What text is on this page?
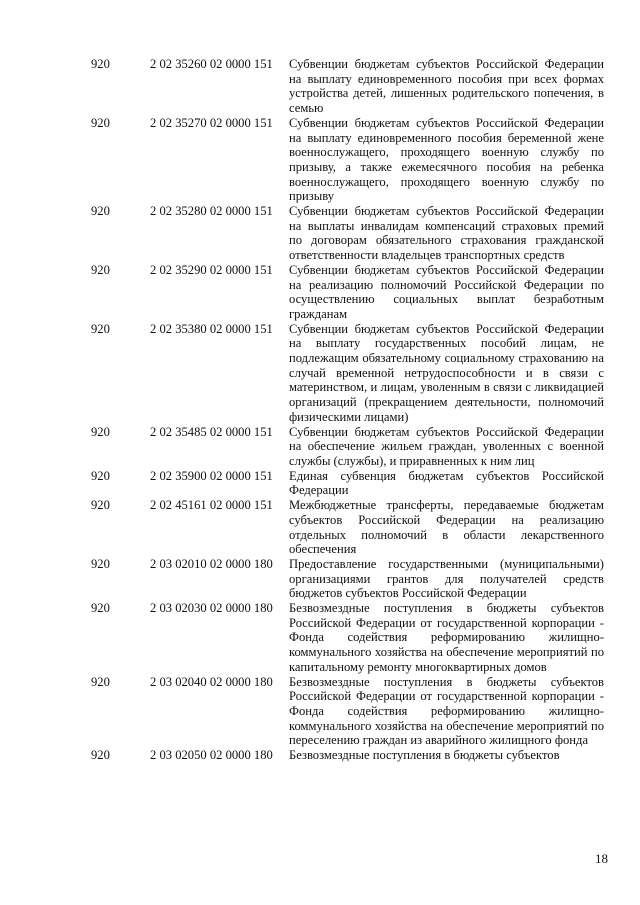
920	2 02 35260 02 0000 151	Субвенции бюджетам субъектов Российской Федерации на выплату единовременного пособия при всех формах устройства детей, лишенных родительского попечения, в семью
920	2 02 35270 02 0000 151	Субвенции бюджетам субъектов Российской Федерации на выплату единовременного пособия беременной жене военнослужащего, проходящего военную службу по призыву, а также ежемесячного пособия на ребенка военнослужащего, проходящего военную службу по призыву
920	2 02 35280 02 0000 151	Субвенции бюджетам субъектов Российской Федерации на выплаты инвалидам компенсаций страховых премий по договорам обязательного страхования гражданской ответственности владельцев транспортных средств
920	2 02 35290 02 0000 151	Субвенции бюджетам субъектов Российской Федерации на реализацию полномочий Российской Федерации по осуществлению социальных выплат безработным гражданам
920	2 02 35380 02 0000 151	Субвенции бюджетам субъектов Российской Федерации на выплату государственных пособий лицам, не подлежащим обязательному социальному страхованию на случай временной нетрудоспособности и в связи с материнством, и лицам, уволенным в связи с ликвидацией организаций (прекращением деятельности, полномочий физическими лицами)
920	2 02 35485 02 0000 151	Субвенции бюджетам субъектов Российской Федерации на обеспечение жильем граждан, уволенных с военной службы (службы), и приравненных к ним лиц
920	2 02 35900 02 0000 151	Единая субвенция бюджетам субъектов Российской Федерации
920	2 02 45161 02 0000 151	Межбюджетные трансферты, передаваемые бюджетам субъектов Российской Федерации на реализацию отдельных полномочий в области лекарственного обеспечения
920	2 03 02010 02 0000 180	Предоставление государственными (муниципальными) организациями грантов для получателей средств бюджетов субъектов Российской Федерации
920	2 03 02030 02 0000 180	Безвозмездные поступления в бюджеты субъектов Российской Федерации от государственной корпорации - Фонда содействия реформированию жилищно-коммунального хозяйства на обеспечение мероприятий по капитальному ремонту многоквартирных домов
920	2 03 02040 02 0000 180	Безвозмездные поступления в бюджеты субъектов Российской Федерации от государственной корпорации - Фонда содействия реформированию жилищно-коммунального хозяйства на обеспечение мероприятий по переселению граждан из аварийного жилищного фонда
920	2 03 02050 02 0000 180	Безвозмездные поступления в бюджеты субъектов
18
